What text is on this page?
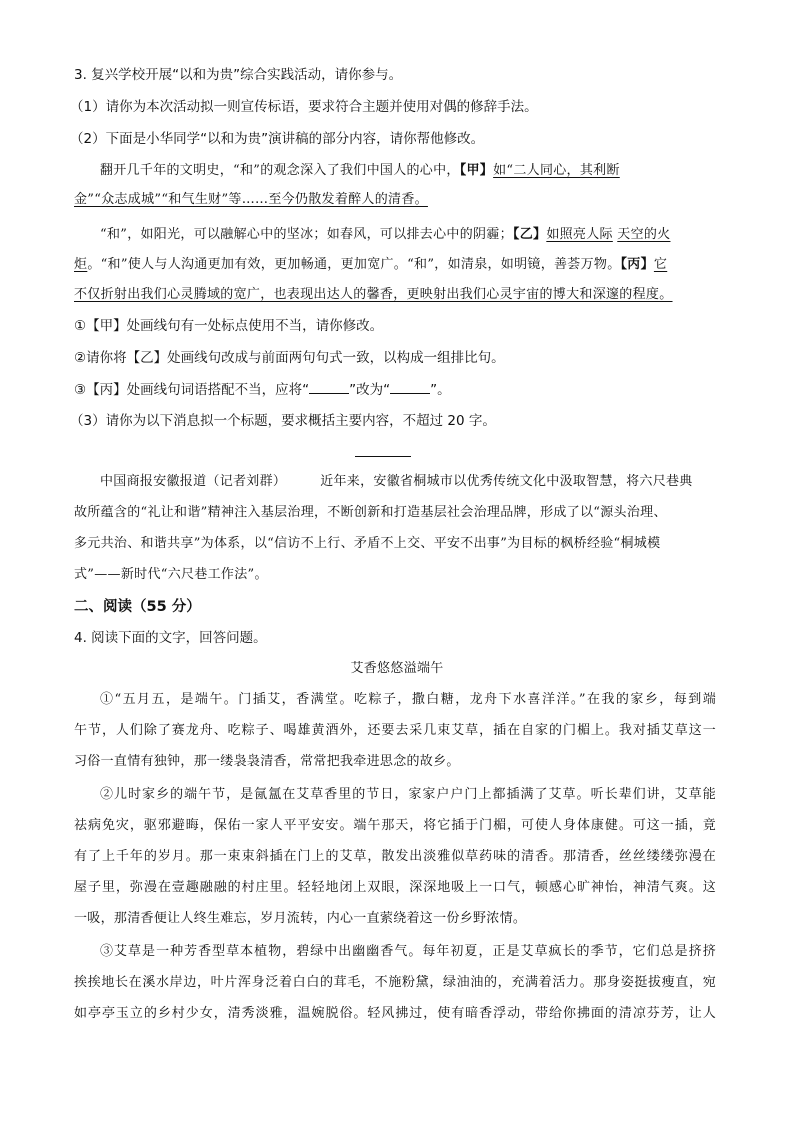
3. 复兴学校开展“以和为贵”综合实践活动，请你参与。
（1）请你为本次活动拟一则宣传标语，要求符合主题并使用对偶的修辞手法。
（2）下面是小华同学“以和为贵”演讲稿的部分内容，请你帮他修改。
翻开几千年的文明史，“和”的观念深入了我们中国人的心中，【甲】如“二人同心，其利断
金”“众志成城”“和气生财”等……至今仍散发着醉人的清香。
“和”，如阳光，可以融解心中的坚冰；如春风，可以排去心中的阴霾；【乙】如照亮人际 天空的火
炬。“和”使人与人沟通更加有效，更加畅通，更加宽广。“和”，如清泉，如明镜，善荟万物。【丙】它
不仅折射出我们心灵腾域的宽广，也表现出达人的馨香，更映射出我们心灵宇宙的博大和深邃的程度。
①【甲】处画线句有一处标点使用不当，请你修改。
②请你将【乙】处画线句改成与前面两句句式一致，以构成一组排比句。
③【丙】处画线句词语搭配不当，应将“	”改为“	”。
（3）请你为以下消息拟一个标题，要求概括主要内容，不超过 20 字。
中国商报安徽报道（记者刘群）	近年来，安徽省桐城市以优秀传统文化中汲取智慧，将六尺巷典
故所蕴含的“礼让和谐”精神注入基层治理，不断创新和打造基层社会治理品牌，形成了以“源头治理、
多元共治、和谐共享”为体系，以“信访不上行、矛盾不上交、平安不出事”为目标的枫桥经验“桐城模
式”——新时代“六尺巷工作法”。
二、阅读（55 分）
4. 阅读下面的文字，回答问题。
艾香悠悠溢端午
①“五月五，是端午。门插艾，香满堂。吃粽子，撒白糖，龙舟下水喜洋洋。”在我的家乡，每到端
午节，人们除了赛龙舟、吃粽子、喝雄黄酒外，还要去采几束艾草，插在自家的门楣上。我对插艾草这一
习俗一直情有独钟，那一缕袅袅清香，常常把我牵进思念的故乡。
②儿时家乡的端午节，是氤氲在艾草香里的节日，家家户户门上都插满了艾草。听长辈们讲，艾草能
祛病免灾，驱邪避晦，保佑一家人平平安安。端午那天，将它插于门楣，可使人身体康健。可这一插，竟
有了上千年的岁月。那一束束斜插在门上的艾草，散发出淡雅似草药味的清香。那清香，丝丝缕缕弥漫在
屋子里，弥漫在壹趣融融的村庄里。轻轻地闭上双眼，深深地吸上一口气，顿感心旷神怡，神清气爽。这
一吸，那清香便让人终生难忘，岁月流转，内心一直萦绕着这一份乡野浓情。
③艾草是一种芳香型草本植物，碧绿中出幽幽香气。每年初夏，正是艾草疯长的季节，它们总是挤挤
挨挨地长在溪水岸边，叶片浑身泛着白白的茸毛，不施粉黛，绿油油的，充满着活力。那身姿挺拔瘦直，宛
如亭亭玉立的乡村少女，清秀淡雅，温婉脱俗。轻风拂过，使有暗香浮动，带给你拂面的清凉芬芳，让人
